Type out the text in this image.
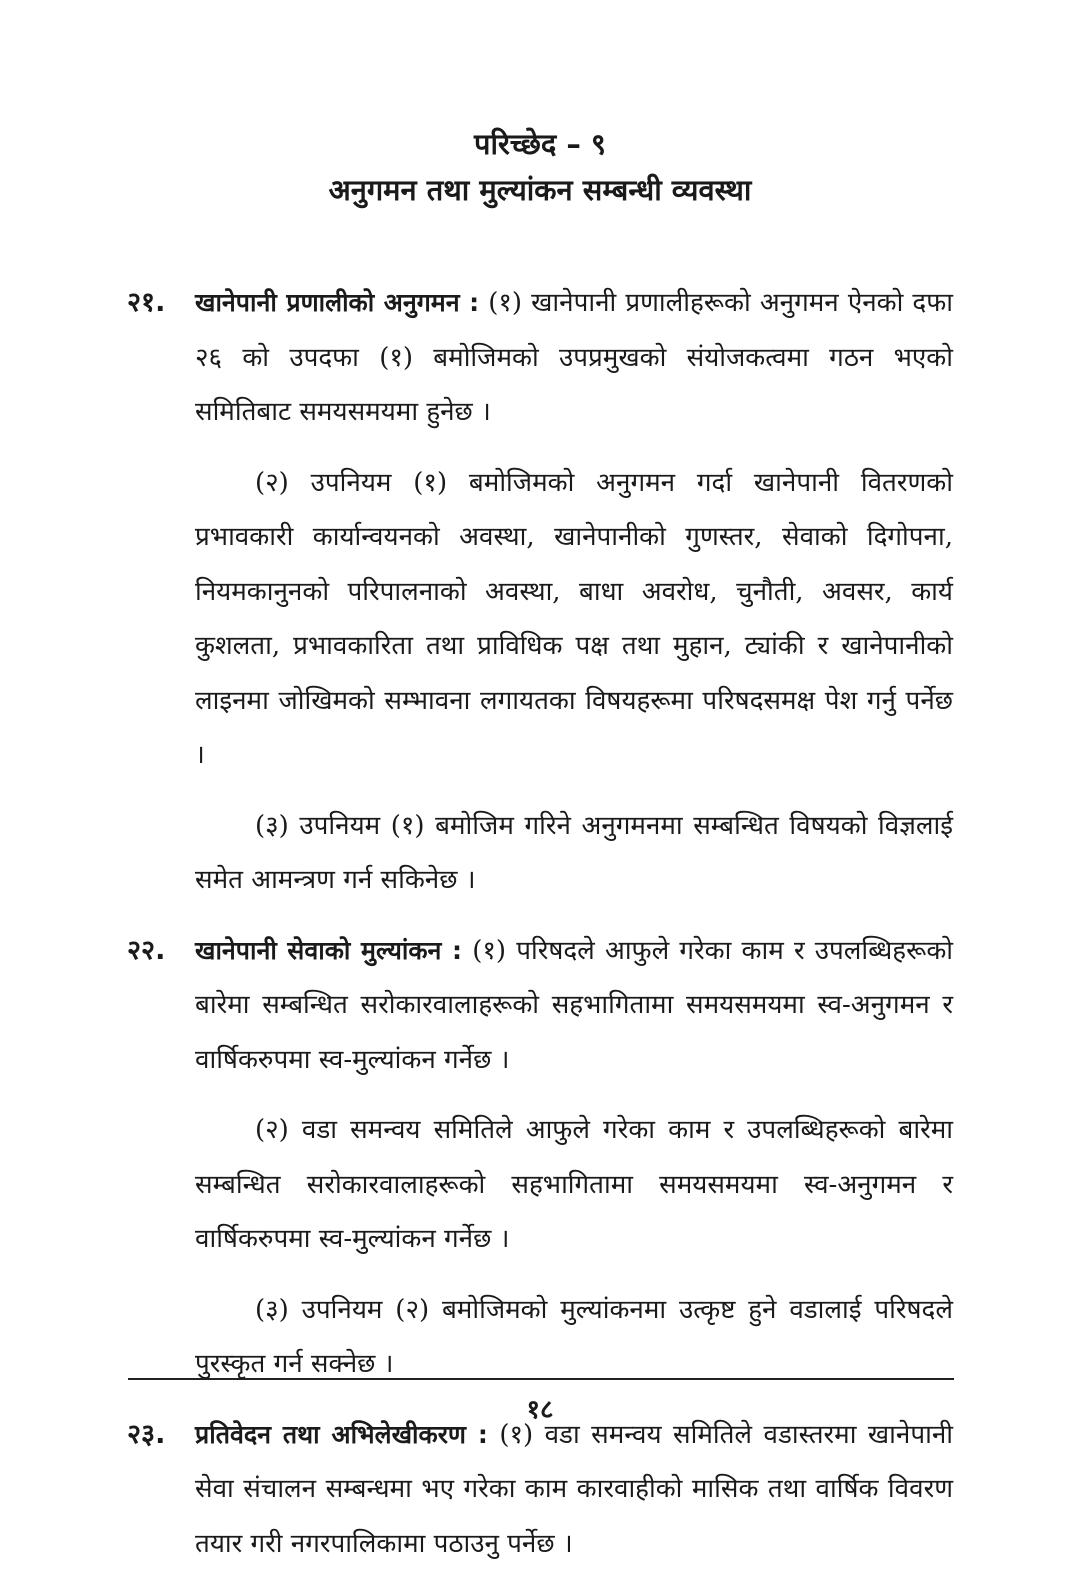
परिच्छेद – ९
अनुगमन तथा मुल्यांकन सम्बन्धी व्यवस्था

२१. खानेपानी प्रणालीको अनुगमन : (१) खानेपानी प्रणालीहरूको अनुगमन ऐनको दफा २६ को उपदफा (१) बमोजिमको उपप्रमुखको संयोजकत्वमा गठन भएको समितिबाट समयसमयमा हुनेछ ।

(२) उपनियम (१) बमोजिमको अनुगमन गर्दा खानेपानी वितरणको प्रभावकारी कार्यान्वयनको अवस्था, खानेपानीको गुणस्तर, सेवाको दिगोपना, नियमकानुनको परिपालनाको अवस्था, बाधा अवरोध, चुनौती, अवसर, कार्य कुशलता, प्रभावकारिता तथा प्राविधिक पक्ष तथा मुहान, ट्यांकी र खानेपानीको लाइनमा जोखिमको सम्भावना लगायतका विषयहरूमा परिषदसमक्ष पेश गर्नु पर्नेछ ।

(३) उपनियम (१) बमोजिम गरिने अनुगमनमा सम्बन्धित विषयको विज्ञलाई समेत आमन्त्रण गर्न सकिनेछ ।

२२. खानेपानी सेवाको मुल्यांकन : (१) परिषदले आफुले गरेका काम र उपलब्धिहरूको बारेमा सम्बन्धित सरोकारवालाहरूको सहभागितामा समयसमयमा स्व-अनुगमन र वार्षिकरुपमा स्व-मुल्यांकन गर्नेछ ।

(२) वडा समन्वय समितिले आफुले गरेका काम र उपलब्धिहरूको बारेमा सम्बन्धित सरोकारवालाहरूको सहभागितामा समयसमयमा स्व-अनुगमन र वार्षिकरुपमा स्व-मुल्यांकन गर्नेछ ।

(३) उपनियम (२) बमोजिमको मुल्यांकनमा उत्कृष्ट हुने वडालाई परिषदले पुरस्कृत गर्न सक्नेछ ।

२३. प्रतिवेदन तथा अभिलेखीकरण : (१) वडा समन्वय समितिले वडास्तरमा खानेपानी सेवा संचालन सम्बन्धमा भए गरेका काम कारवाहीको मासिक तथा वार्षिक विवरण तयार गरी नगरपालिकामा पठाउनु पर्नेछ ।

१८
